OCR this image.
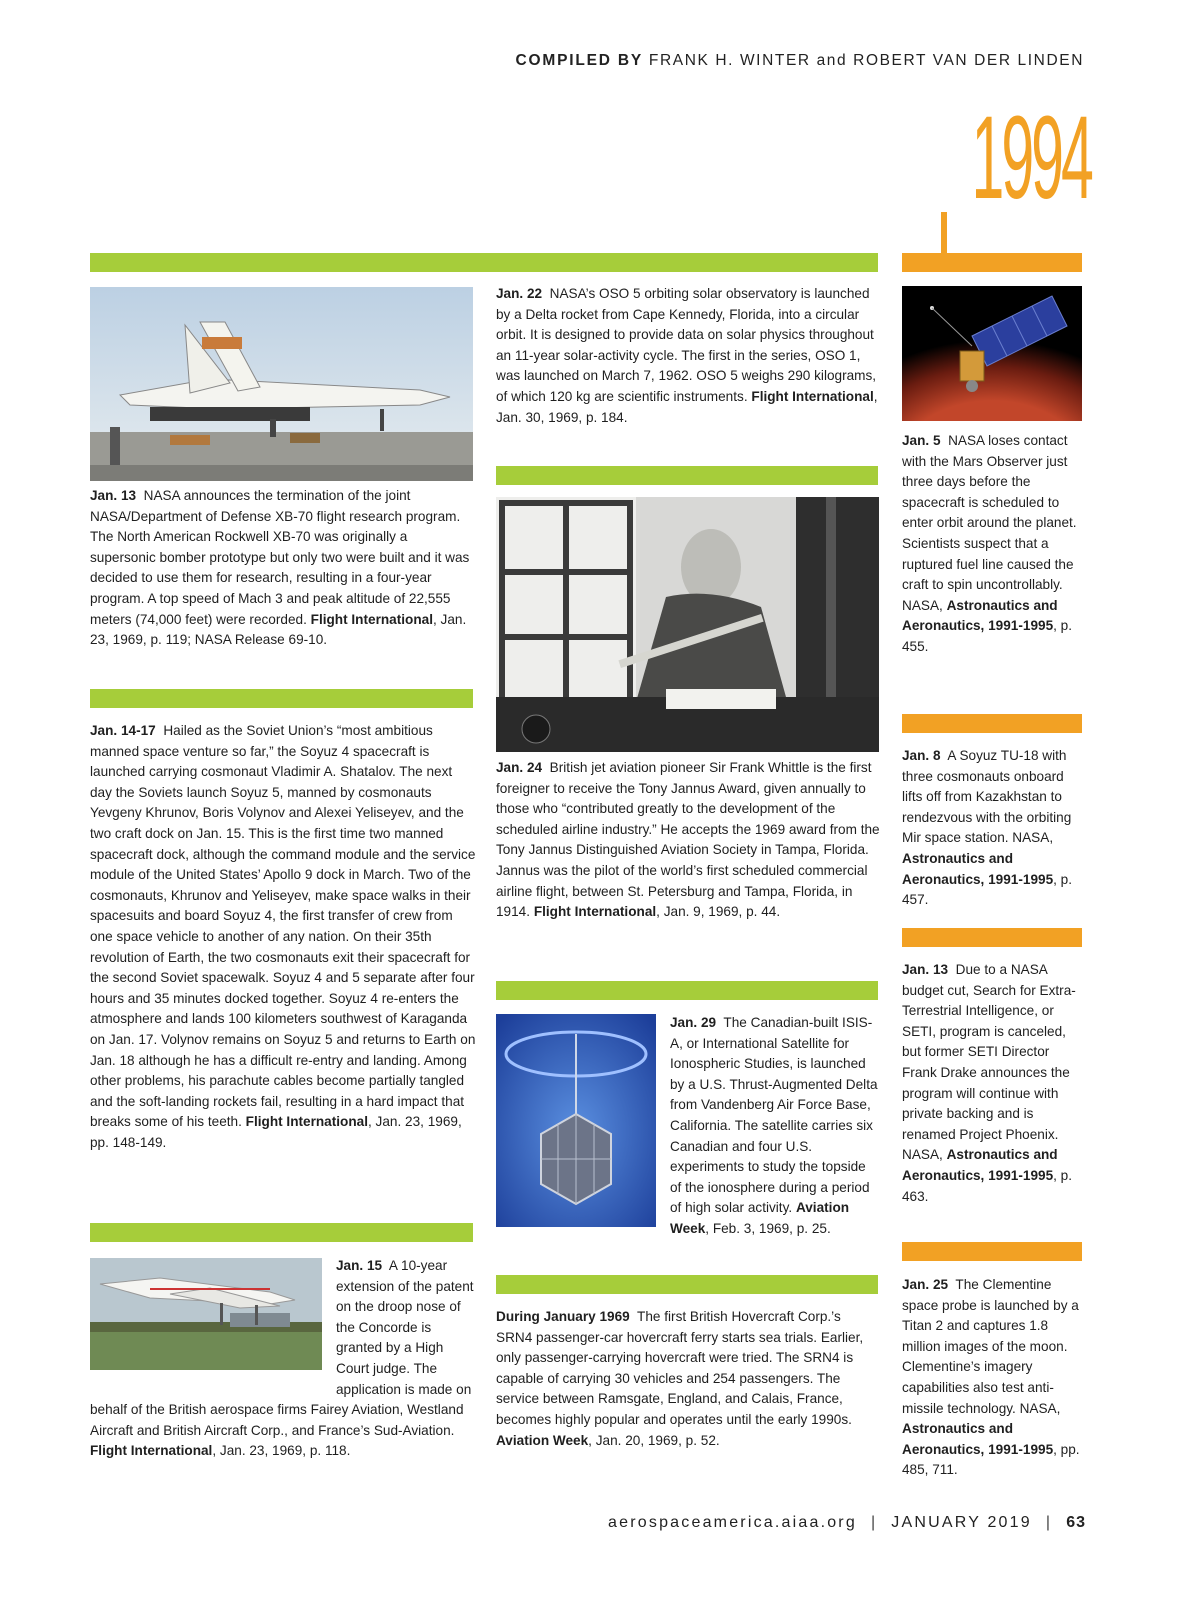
COMPILED BY FRANK H. WINTER and ROBERT VAN DER LINDEN
1994

Jan. 13 NASA announces the termination of the joint NASA/Department of Defense XB-70 flight research program. The North American Rockwell XB-70 was originally a supersonic bomber prototype but only two were built and it was decided to use them for research, resulting in a four-year program. A top speed of Mach 3 and peak altitude of 22,555 meters (74,000 feet) were recorded. Flight International, Jan. 23, 1969, p. 119; NASA Release 69-10.

Jan. 14-17 Hailed as the Soviet Union’s “most ambitious manned space venture so far,” the Soyuz 4 spacecraft is launched carrying cosmonaut Vladimir A. Shatalov. The next day the Soviets launch Soyuz 5, manned by cosmonauts Yevgeny Khrunov, Boris Volynov and Alexei Yeliseyev, and the two craft dock on Jan. 15. This is the first time two manned spacecraft dock, although the command module and the service module of the United States’ Apollo 9 dock in March. Two of the cosmonauts, Khrunov and Yeliseyev, make space walks in their spacesuits and board Soyuz 4, the first transfer of crew from one space vehicle to another of any nation. On their 35th revolution of Earth, the two cosmonauts exit their spacecraft for the second Soviet spacewalk. Soyuz 4 and 5 separate after four hours and 35 minutes docked together. Soyuz 4 re-enters the atmosphere and lands 100 kilometers southwest of Karaganda on Jan. 17. Volynov remains on Soyuz 5 and returns to Earth on Jan. 18 although he has a difficult re-entry and landing. Among other problems, his parachute cables become partially tangled and the soft-landing rockets fail, resulting in a hard impact that breaks some of his teeth. Flight International, Jan. 23, 1969, pp. 148-149.

Jan. 15 A 10-year extension of the patent on the droop nose of the Concorde is granted by a High Court judge. The application is made on behalf of the British aerospace firms Fairey Aviation, Westland Aircraft and British Aircraft Corp., and France’s Sud-Aviation. Flight International, Jan. 23, 1969, p. 118.

Jan. 22 NASA’s OSO 5 orbiting solar observatory is launched by a Delta rocket from Cape Kennedy, Florida, into a circular orbit. It is designed to provide data on solar physics throughout an 11-year solar-activity cycle. The first in the series, OSO 1, was launched on March 7, 1962. OSO 5 weighs 290 kilograms, of which 120 kg are scientific instruments. Flight International, Jan. 30, 1969, p. 184.

Jan. 24 British jet aviation pioneer Sir Frank Whittle is the first foreigner to receive the Tony Jannus Award, given annually to those who “contributed greatly to the development of the scheduled airline industry.” He accepts the 1969 award from the Tony Jannus Distinguished Aviation Society in Tampa, Florida. Jannus was the pilot of the world’s first scheduled commercial airline flight, between St. Petersburg and Tampa, Florida, in 1914. Flight International, Jan. 9, 1969, p. 44.

Jan. 29 The Canadian-built ISIS-A, or International Satellite for Ionospheric Studies, is launched by a U.S. Thrust-Augmented Delta from Vandenberg Air Force Base, California. The satellite carries six Canadian and four U.S. experiments to study the topside of the ionosphere during a period of high solar activity. Aviation Week, Feb. 3, 1969, p. 25.

During January 1969 The first British Hovercraft Corp.’s SRN4 passenger-car hovercraft ferry starts sea trials. Earlier, only passenger-carrying hovercraft were tried. The SRN4 is capable of carrying 30 vehicles and 254 passengers. The service between Ramsgate, England, and Calais, France, becomes highly popular and operates until the early 1990s. Aviation Week, Jan. 20, 1969, p. 52.

Jan. 5 NASA loses contact with the Mars Observer just three days before the spacecraft is scheduled to enter orbit around the planet. Scientists suspect that a ruptured fuel line caused the craft to spin uncontrollably. NASA, Astronautics and Aeronautics, 1991-1995, p. 455.

Jan. 8 A Soyuz TU-18 with three cosmonauts onboard lifts off from Kazakhstan to rendezvous with the orbiting Mir space station. NASA, Astronautics and Aeronautics, 1991-1995, p. 457.

Jan. 13 Due to a NASA budget cut, Search for Extra-Terrestrial Intelligence, or SETI, program is canceled, but former SETI Director Frank Drake announces the program will continue with private backing and is renamed Project Phoenix. NASA, Astronautics and Aeronautics, 1991-1995, p. 463.

Jan. 25 The Clementine space probe is launched by a Titan 2 and captures 1.8 million images of the moon. Clementine’s imagery capabilities also test anti-missile technology. NASA, Astronautics and Aeronautics, 1991-1995, pp. 485, 711.

aerospaceamerica.aiaa.org | JANUARY 2019 | 63
